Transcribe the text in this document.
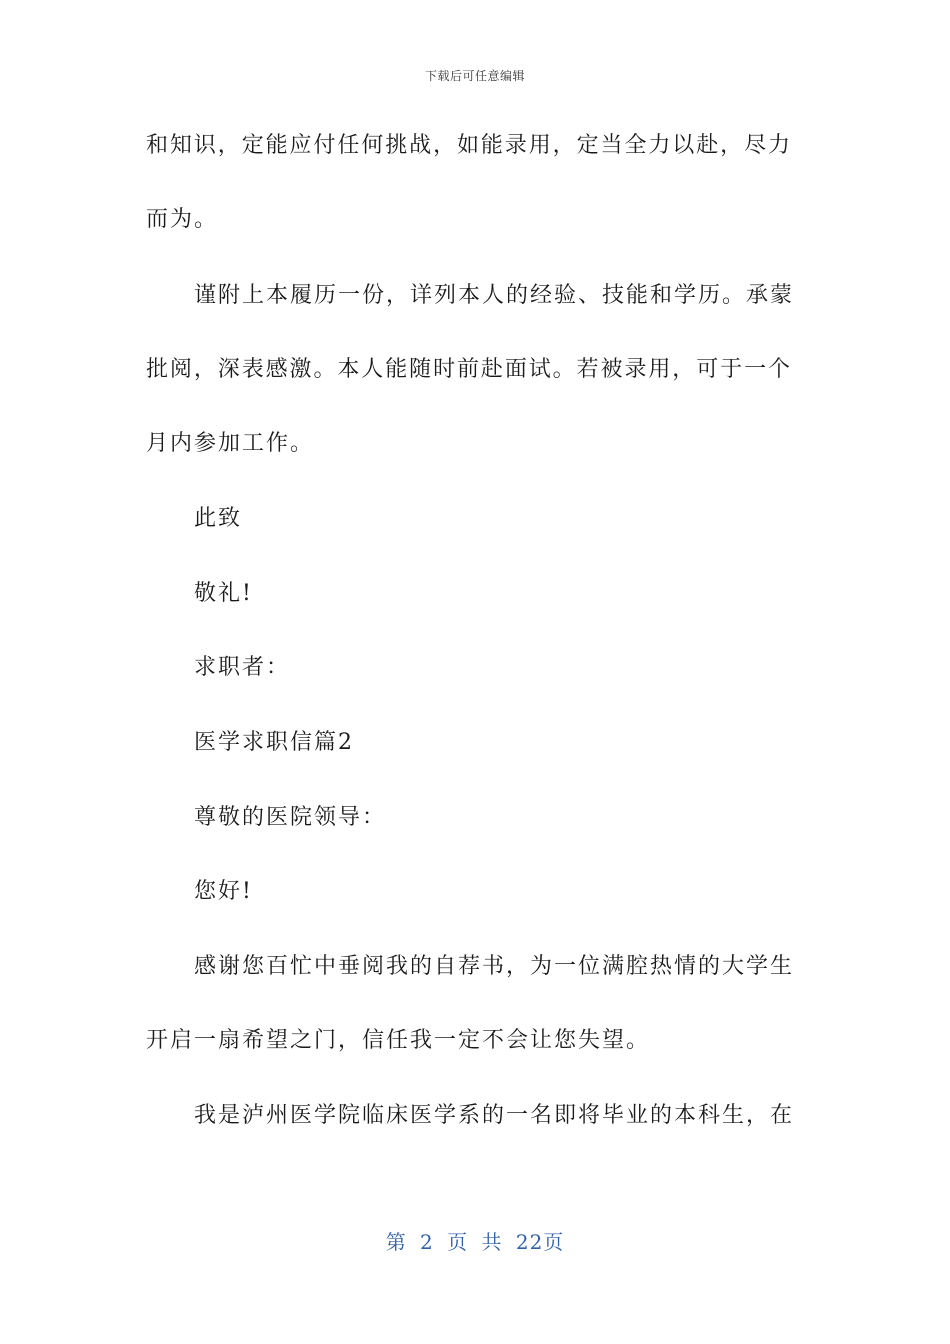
下载后可任意编辑
和知识，定能应付任何挑战，如能录用，定当全力以赴，尽力
而为。
谨附上本履历一份，详列本人的经验、技能和学历。承蒙
批阅，深表感激。本人能随时前赴面试。若被录用，可于一个
月内参加工作。
此致
敬礼!
求职者：
医学求职信篇2
尊敬的医院领导：
您好!
感谢您百忙中垂阅我的自荐书，为一位满腔热情的大学生
开启一扇希望之门，信任我一定不会让您失望。
我是泸州医学院临床医学系的一名即将毕业的本科生，在
第 2 页 共 22页
